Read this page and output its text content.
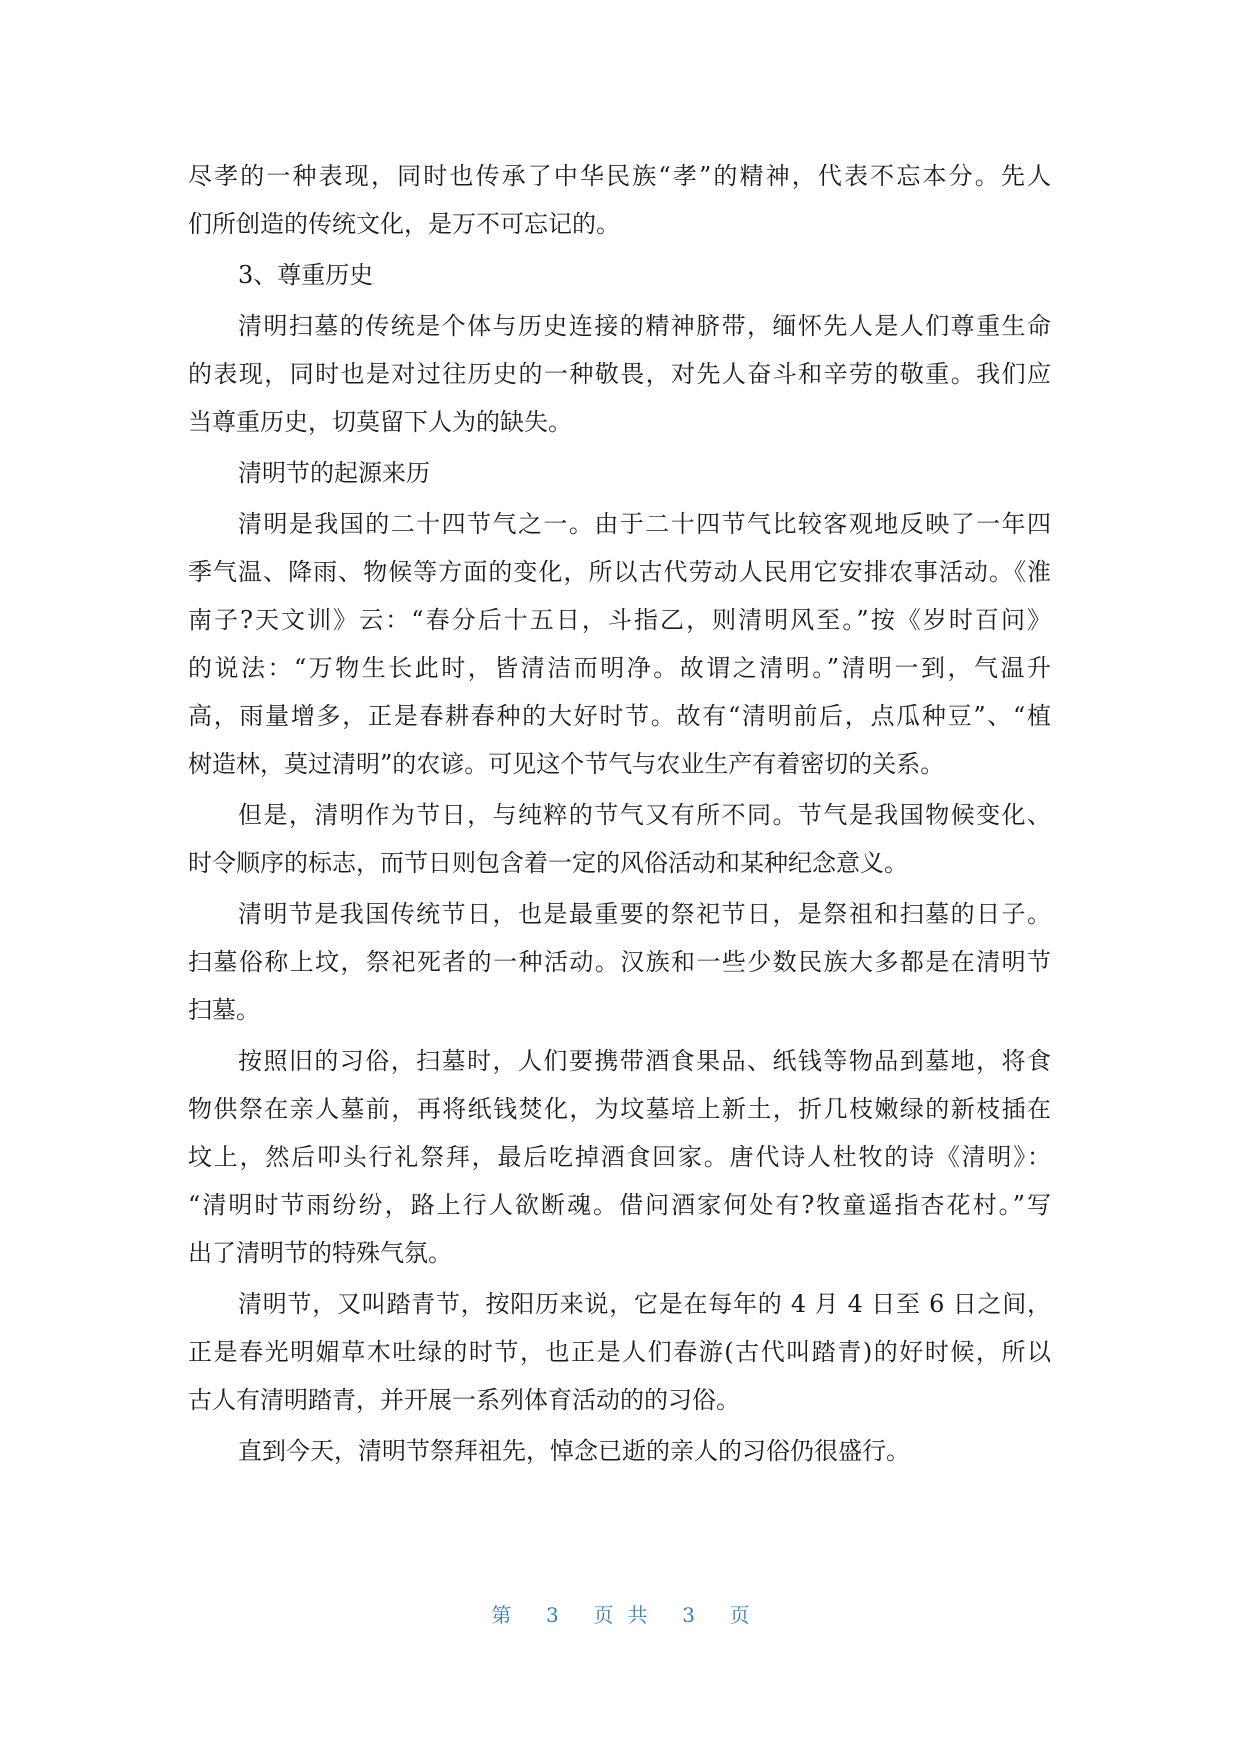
尽孝的一种表现，同时也传承了中华民族“孝”的精神，代表不忘本分。先人
们所创造的传统文化，是万不可忘记的。
3、尊重历史
清明扫墓的传统是个体与历史连接的精神脐带，缅怀先人是人们尊重生命
的表现，同时也是对过往历史的一种敬畏，对先人奋斗和辛劳的敬重。我们应
当尊重历史，切莫留下人为的缺失。
清明节的起源来历
清明是我国的二十四节气之一。由于二十四节气比较客观地反映了一年四
季气温、降雨、物候等方面的变化，所以古代劳动人民用它安排农事活动。《淮
南子?天文训》云：“春分后十五日，斗指乙，则清明风至。”按《岁时百问》
的说法：“万物生长此时，皆清洁而明净。故谓之清明。”清明一到，气温升
高，雨量增多，正是春耕春种的大好时节。故有“清明前后，点瓜种豆”、“植
树造林，莫过清明”的农谚。可见这个节气与农业生产有着密切的关系。
但是，清明作为节日，与纯粹的节气又有所不同。节气是我国物候变化、
时令顺序的标志，而节日则包含着一定的风俗活动和某种纪念意义。
清明节是我国传统节日，也是最重要的祭祀节日，是祭祖和扫墓的日子。
扫墓俗称上坟，祭祀死者的一种活动。汉族和一些少数民族大多都是在清明节
扫墓。
按照旧的习俗，扫墓时，人们要携带酒食果品、纸钱等物品到墓地，将食
物供祭在亲人墓前，再将纸钱焚化，为坟墓培上新土，折几枝嫩绿的新枝插在
坟上，然后叩头行礼祭拜，最后吃掉酒食回家。唐代诗人杜牧的诗《清明》：
“清明时节雨纷纷，路上行人欲断魂。借问酒家何处有?牧童遥指杏花村。”写
出了清明节的特殊气氛。
清明节，又叫踏青节，按阳历来说，它是在每年的 4 月 4 日至 6 日之间，
正是春光明媚草木吐绿的时节，也正是人们春游(古代叫踏青)的好时候，所以
古人有清明踏青，并开展一系列体育活动的的习俗。
直到今天，清明节祭拜祖先，悼念已逝的亲人的习俗仍很盛行。
第 3 页共 3 页
